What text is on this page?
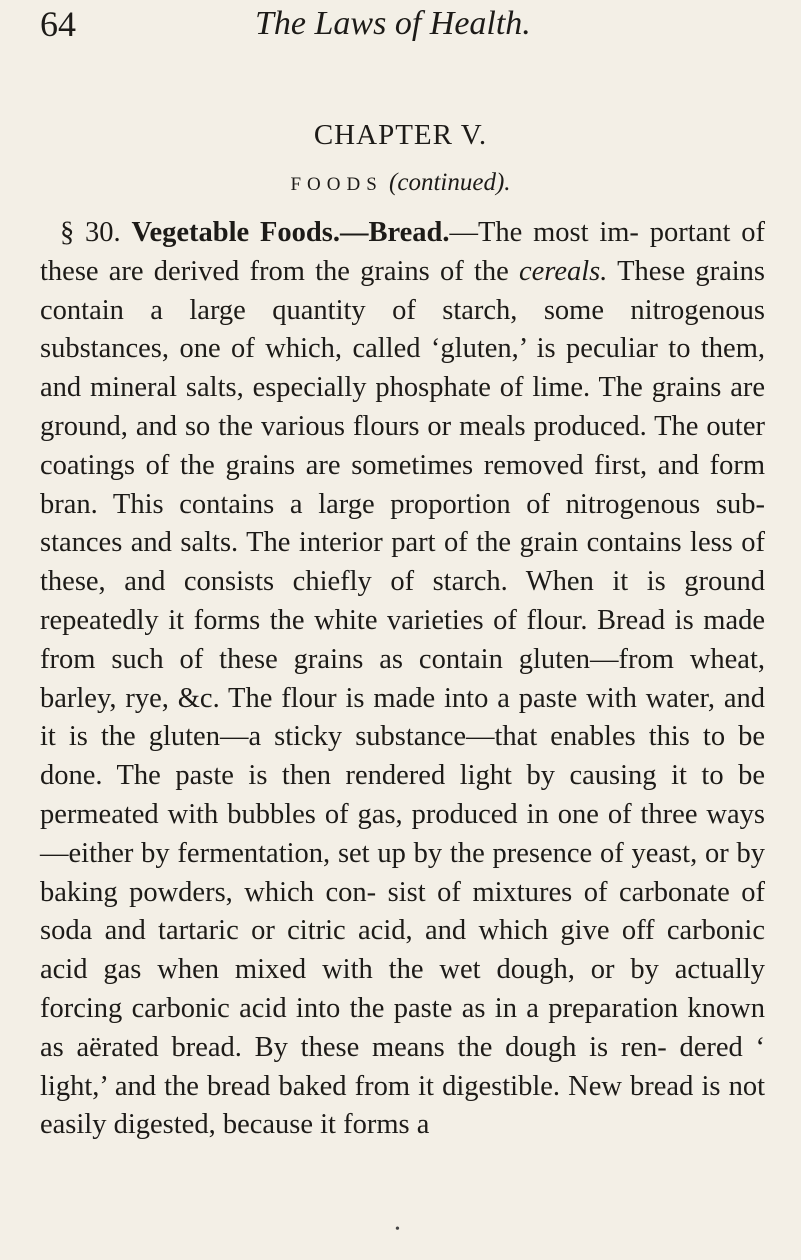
64	The Laws of Health.
CHAPTER V.
FOODS (continued).

§ 30. Vegetable Foods.—Bread.—The most im- portant of these are derived from the grains of the cereals. These grains contain a large quantity of starch, some nitrogenous substances, one of which, called ‘gluten,’ is peculiar to them, and mineral salts, especially phosphate of lime. The grains are ground, and so the various flours or meals produced. The outer coatings of the grains are sometimes removed first, and form bran. This contains a large proportion of nitrogenous sub- stances and salts. The interior part of the grain contains less of these, and consists chiefly of starch. When it is ground repeatedly it forms the white varieties of flour. Bread is made from such of these grains as contain gluten—from wheat, barley, rye, &c. The flour is made into a paste with water, and it is the gluten—a sticky substance—that enables this to be done. The paste is then rendered light by causing it to be permeated with bubbles of gas, produced in one of three ways—either by fermentation, set up by the presence of yeast, or by baking powders, which con- sist of mixtures of carbonate of soda and tartaric or citric acid, and which give off carbonic acid gas when mixed with the wet dough, or by actually forcing carbonic acid into the paste as in a preparation known as aërated bread. By these means the dough is ren- dered ‘ light,’ and the bread baked from it digestible. New bread is not easily digested, because it forms a

•
